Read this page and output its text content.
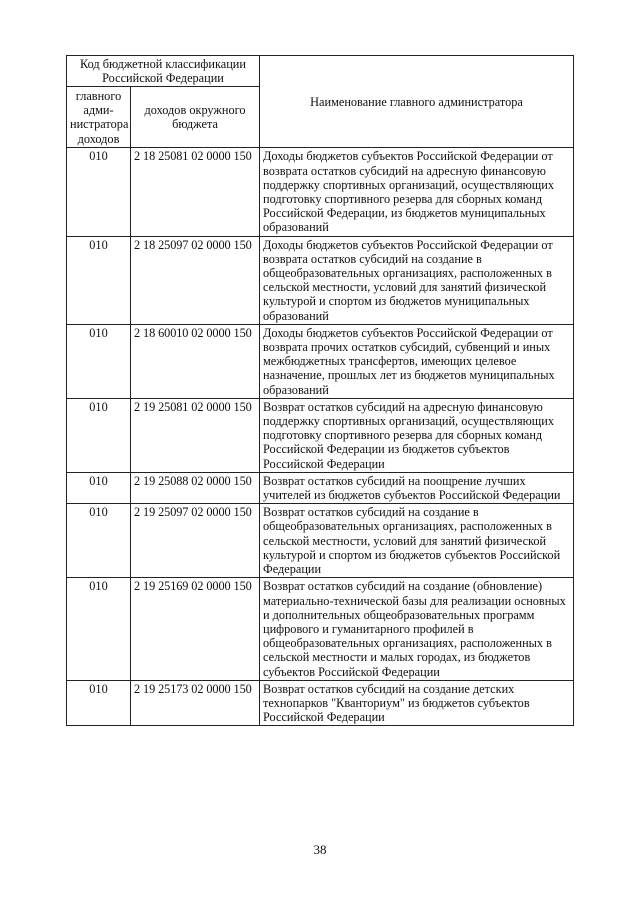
Код бюджетной классификации Российской Федерации		Наименование главного администратора
главного адми-нистратора доходов	доходов окружного бюджета	
010	2 18 25081 02 0000 150	Доходы бюджетов субъектов Российской Федерации от возврата остатков субсидий на адресную финансовую поддержку спортивных организаций, осуществляющих подготовку спортивного резерва для сборных команд Российской Федерации, из бюджетов муниципальных образований
010	2 18 25097 02 0000 150	Доходы бюджетов субъектов Российской Федерации от возврата остатков субсидий на создание в общеобразовательных организациях, расположенных в сельской местности, условий для занятий физической культурой и спортом из бюджетов муниципальных образований
010	2 18 60010 02 0000 150	Доходы бюджетов субъектов Российской Федерации от возврата прочих остатков субсидий, субвенций и иных межбюджетных трансфертов, имеющих целевое назначение, прошлых лет из бюджетов муниципальных образований
010	2 19 25081 02 0000 150	Возврат остатков субсидий на адресную финансовую поддержку спортивных организаций, осуществляющих подготовку спортивного резерва для сборных команд Российской Федерации из бюджетов субъектов Российской Федерации
010	2 19 25088 02 0000 150	Возврат остатков субсидий на поощрение лучших учителей из бюджетов субъектов Российской Федерации
010	2 19 25097 02 0000 150	Возврат остатков субсидий на создание в общеобразовательных организациях, расположенных в сельской местности, условий для занятий физической культурой и спортом из бюджетов субъектов Российской Федерации
010	2 19 25169 02 0000 150	Возврат остатков субсидий на создание (обновление) материально-технической базы для реализации основных и дополнительных общеобразовательных программ цифрового и гуманитарного профилей в общеобразовательных организациях, расположенных в сельской местности и малых городах, из бюджетов субъектов Российской Федерации
010	2 19 25173 02 0000 150	Возврат остатков субсидий на создание детских технопарков "Кванториум" из бюджетов субъектов Российской Федерации
38
